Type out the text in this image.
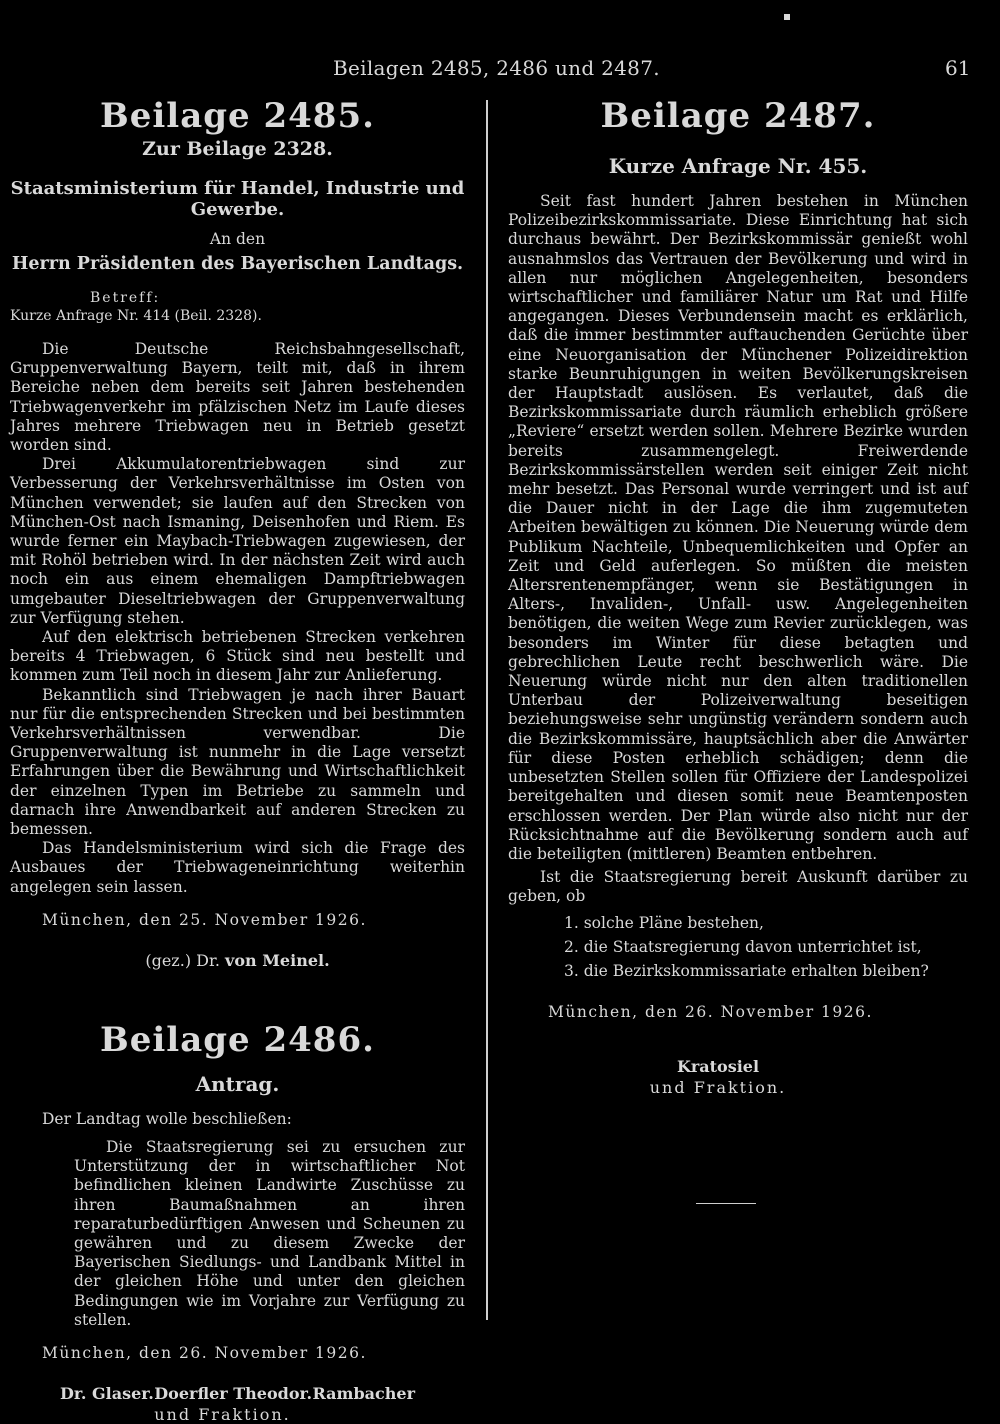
Beilagen 2485, 2486 und 2487.	61
Beilage 2485.
Zur Beilage 2328.
Staatsministerium für Handel, Industrie und Gewerbe.
An den
Herrn Präsidenten des Bayerischen Landtags.
Betreff:
Kurze Anfrage Nr. 414 (Beil. 2328).

Die Deutsche Reichsbahngesellschaft, Gruppenverwaltung Bayern, teilt mit, daß in ihrem Bereiche neben dem bereits seit Jahren bestehenden Triebwagenverkehr im pfälzischen Netz im Laufe dieses Jahres mehrere Triebwagen neu in Betrieb gesetzt worden sind.

Drei Akkumulatorentriebwagen sind zur Verbesserung der Verkehrsverhältnisse im Osten von München verwendet; sie laufen auf den Strecken von München-Ost nach Ismaning, Deisenhofen und Riem. Es wurde ferner ein Maybach-Triebwagen zugewiesen, der mit Rohöl betrieben wird. In der nächsten Zeit wird auch noch ein aus einem ehemaligen Dampftriebwagen umgebauter Dieseltriebwagen der Gruppenverwaltung zur Verfügung stehen.

Auf den elektrisch betriebenen Strecken verkehren bereits 4 Triebwagen, 6 Stück sind neu bestellt und kommen zum Teil noch in diesem Jahr zur Anlieferung.

Bekanntlich sind Triebwagen je nach ihrer Bauart nur für die entsprechenden Strecken und bei bestimmten Verkehrsverhältnissen verwendbar. Die Gruppenverwaltung ist nunmehr in die Lage versetzt Erfahrungen über die Bewährung und Wirtschaftlichkeit der einzelnen Typen im Betriebe zu sammeln und darnach ihre Anwendbarkeit auf anderen Strecken zu bemessen.

Das Handelsministerium wird sich die Frage des Ausbaues der Triebwageneinrichtung weiterhin angelegen sein lassen.

München, den 25. November 1926.
(gez.) Dr. von Meinel.
Beilage 2486.
Antrag.
Der Landtag wolle beschließen:

Die Staatsregierung sei zu ersuchen zur Unterstützung der in wirtschaftlicher Not befindlichen kleinen Landwirte Zuschüsse zu ihren Baumaßnahmen an ihren reparaturbedürftigen Anwesen und Scheunen zu gewähren und zu diesem Zwecke der Bayerischen Siedlungs- und Landbank Mittel in der gleichen Höhe und unter den gleichen Bedingungen wie im Vorjahre zur Verfügung zu stellen.

München, den 26. November 1926.
Dr. Glaser. Doerfler Theodor. Rambacher
und Fraktion.
Beilage 2487.
Kurze Anfrage Nr. 455.

Seit fast hundert Jahren bestehen in München Polizeibezirkskommissariate. Diese Einrichtung hat sich durchaus bewährt. Der Bezirkskommissär genießt wohl ausnahmslos das Vertrauen der Bevölkerung und wird in allen nur möglichen Angelegenheiten, besonders wirtschaftlicher und familiärer Natur um Rat und Hilfe angegangen. Dieses Verbundensein macht es erklärlich, daß die immer bestimmter auftauchenden Gerüchte über eine Neuorganisation der Münchener Polizeidirektion starke Beunruhigungen in weiten Bevölkerungskreisen der Hauptstadt auslösen. Es verlautet, daß die Bezirkskommissariate durch räumlich erheblich größere „Reviere“ ersetzt werden sollen. Mehrere Bezirke wurden bereits zusammengelegt. Freiwerdende Bezirkskommissärstellen werden seit einiger Zeit nicht mehr besetzt. Das Personal wurde verringert und ist auf die Dauer nicht in der Lage die ihm zugemuteten Arbeiten bewältigen zu können. Die Neuerung würde dem Publikum Nachteile, Unbequemlichkeiten und Opfer an Zeit und Geld auferlegen. So müßten die meisten Altersrentenempfänger, wenn sie Bestätigungen in Alters-, Invaliden-, Unfall- usw. Angelegenheiten benötigen, die weiten Wege zum Revier zurücklegen, was besonders im Winter für diese betagten und gebrechlichen Leute recht beschwerlich wäre. Die Neuerung würde nicht nur den alten traditionellen Unterbau der Polizeiverwaltung beseitigen beziehungsweise sehr ungünstig verändern sondern auch die Bezirkskommissäre, hauptsächlich aber die Anwärter für diese Posten erheblich schädigen; denn die unbesetzten Stellen sollen für Offiziere der Landespolizei bereitgehalten und diesen somit neue Beamtenposten erschlossen werden. Der Plan würde also nicht nur der Rücksichtnahme auf die Bevölkerung sondern auch auf die beteiligten (mittleren) Beamten entbehren.

Ist die Staatsregierung bereit Auskunft darüber zu geben, ob

1. solche Pläne bestehen,
2. die Staatsregierung davon unterrichtet ist,
3. die Bezirkskommissariate erhalten bleiben?
München, den 26. November 1926.
Kratosiel
und Fraktion.
